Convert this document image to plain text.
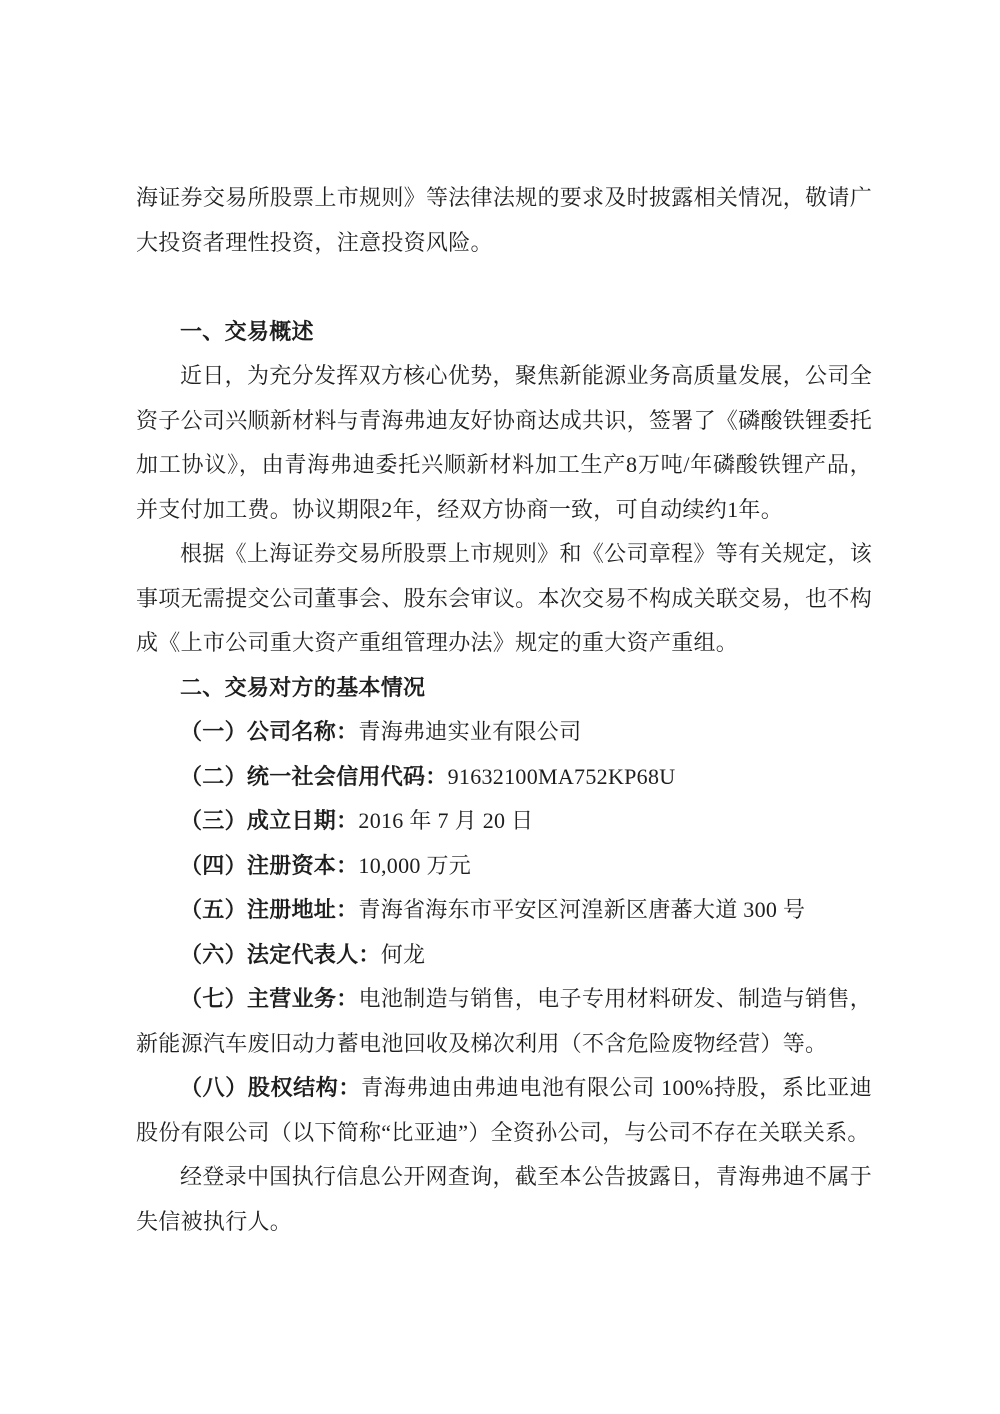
海证券交易所股票上市规则》等法律法规的要求及时披露相关情况，敬请广大投资者理性投资，注意投资风险。

一、交易概述

近日，为充分发挥双方核心优势，聚焦新能源业务高质量发展，公司全资子公司兴顺新材料与青海弗迪友好协商达成共识，签署了《磷酸铁锂委托加工协议》，由青海弗迪委托兴顺新材料加工生产8万吨/年磷酸铁锂产品，并支付加工费。协议期限2年，经双方协商一致，可自动续约1年。

根据《上海证券交易所股票上市规则》和《公司章程》等有关规定，该事项无需提交公司董事会、股东会审议。本次交易不构成关联交易，也不构成《上市公司重大资产重组管理办法》规定的重大资产重组。

二、交易对方的基本情况

（一）公司名称：青海弗迪实业有限公司

（二）统一社会信用代码：91632100MA752KP68U

（三）成立日期：2016 年 7 月 20 日

（四）注册资本：10,000 万元

（五）注册地址：青海省海东市平安区河湟新区唐蕃大道 300 号

（六）法定代表人：何龙

（七）主营业务：电池制造与销售，电子专用材料研发、制造与销售，新能源汽车废旧动力蓄电池回收及梯次利用（不含危险废物经营）等。

（八）股权结构：青海弗迪由弗迪电池有限公司 100%持股，系比亚迪股份有限公司（以下简称“比亚迪”）全资孙公司，与公司不存在关联关系。

经登录中国执行信息公开网查询，截至本公告披露日，青海弗迪不属于失信被执行人。
